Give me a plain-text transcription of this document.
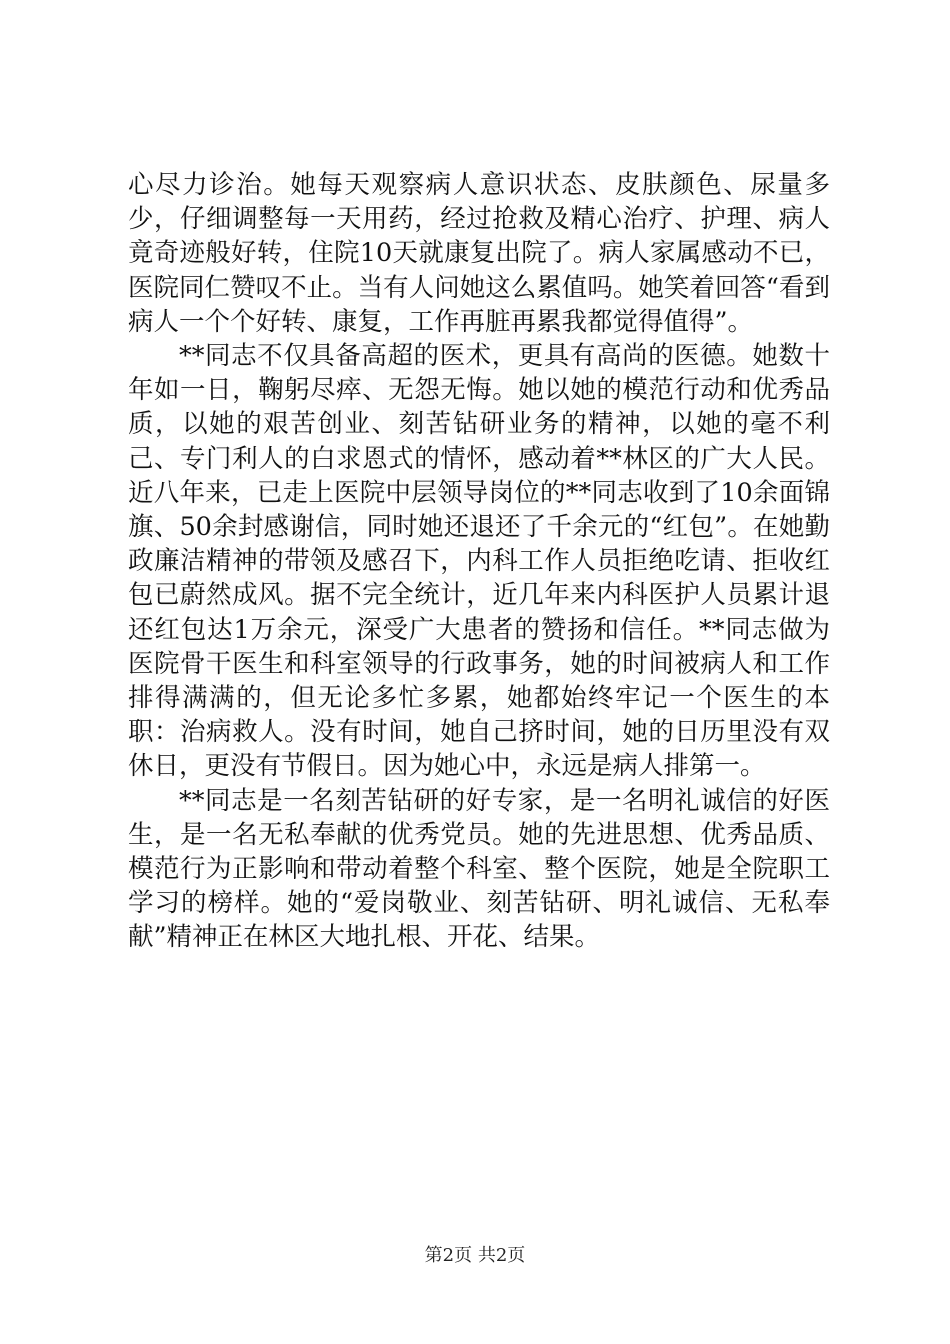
心尽力诊治。她每天观察病人意识状态、皮肤颜色、尿量多少，仔细调整每一天用药，经过抢救及精心治疗、护理、病人竟奇迹般好转，住院10天就康复出院了。病人家属感动不已，医院同仁赞叹不止。当有人问她这么累值吗。她笑着回答“看到病人一个个好转、康复，工作再脏再累我都觉得值得”。

**同志不仅具备高超的医术，更具有高尚的医德。她数十年如一日，鞠躬尽瘁、无怨无悔。她以她的模范行动和优秀品质，以她的艰苦创业、刻苦钻研业务的精神，以她的毫不利己、专门利人的白求恩式的情怀，感动着**林区的广大人民。近八年来，已走上医院中层领导岗位的**同志收到了10余面锦旗、50余封感谢信，同时她还退还了千余元的“红包”。在她勤政廉洁精神的带领及感召下，内科工作人员拒绝吃请、拒收红包已蔚然成风。据不完全统计，近几年来内科医护人员累计退还红包达1万余元，深受广大患者的赞扬和信任。**同志做为医院骨干医生和科室领导的行政事务，她的时间被病人和工作排得满满的，但无论多忙多累，她都始终牢记一个医生的本职：治病救人。没有时间，她自己挤时间，她的日历里没有双休日，更没有节假日。因为她心中，永远是病人排第一。

**同志是一名刻苦钻研的好专家，是一名明礼诚信的好医生，是一名无私奉献的优秀党员。她的先进思想、优秀品质、模范行为正影响和带动着整个科室、整个医院，她是全院职工学习的榜样。她的“爱岗敬业、刻苦钻研、明礼诚信、无私奉献”精神正在林区大地扎根、开花、结果。

第2页 共2页
